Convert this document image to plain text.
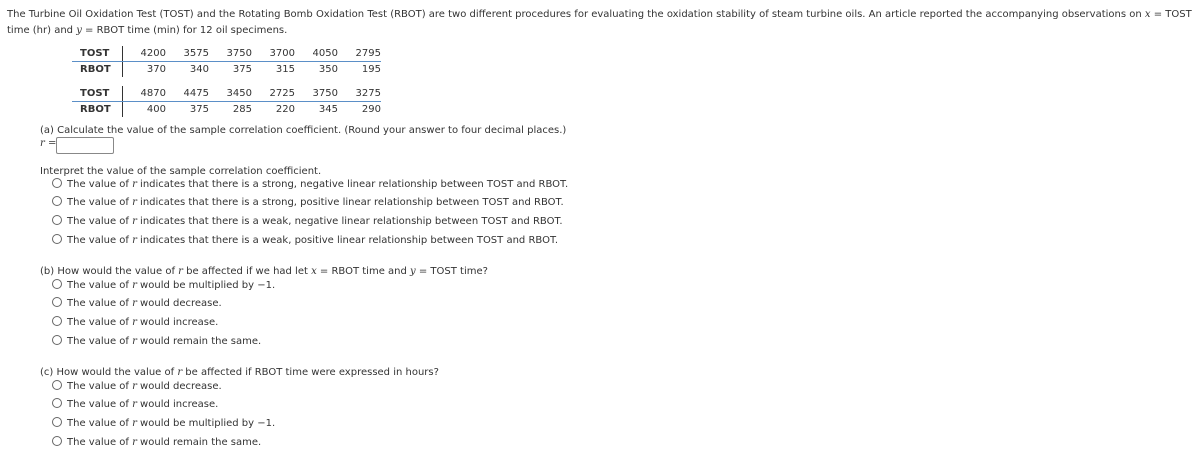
The Turbine Oil Oxidation Test (TOST) and the Rotating Bomb Oxidation Test (RBOT) are two different procedures for evaluating the oxidation stability of steam turbine oils. An article reported the accompanying observations on x = TOST time (hr) and y = RBOT time (min) for 12 oil specimens.
TOST	4200	3575	3750	3700	4050	2795
RBOT	370	340	375	315	350	195
TOST	4870	4475	3450	2725	3750	3275
RBOT	400	375	285	220	345	290
(a) Calculate the value of the sample correlation coefficient. (Round your answer to four decimal places.)
r =
Interpret the value of the sample correlation coefficient.
The value of r indicates that there is a strong, negative linear relationship between TOST and RBOT.
The value of r indicates that there is a strong, positive linear relationship between TOST and RBOT.
The value of r indicates that there is a weak, negative linear relationship between TOST and RBOT.
The value of r indicates that there is a weak, positive linear relationship between TOST and RBOT.
(b) How would the value of r be affected if we had let x = RBOT time and y = TOST time?
The value of r would be multiplied by −1.
The value of r would decrease.
The value of r would increase.
The value of r would remain the same.
(c) How would the value of r be affected if RBOT time were expressed in hours?
The value of r would decrease.
The value of r would increase.
The value of r would be multiplied by −1.
The value of r would remain the same.
